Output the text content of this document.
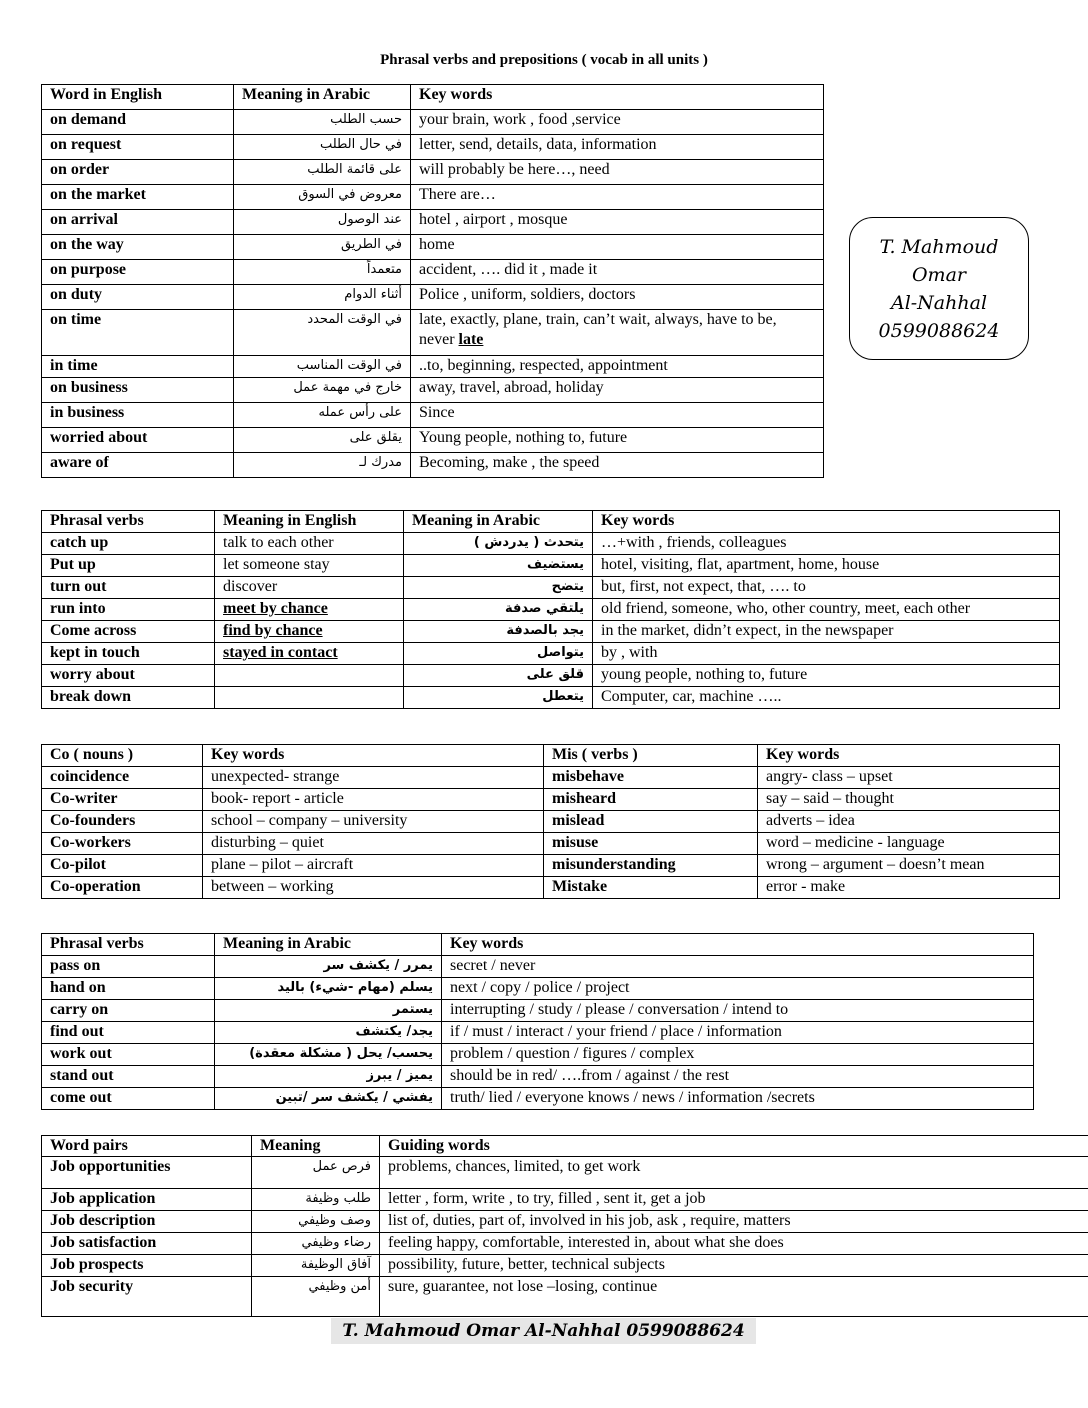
Phrasal verbs and prepositions ( vocab in all units )
Word in English	Meaning in Arabic	Key words
on demand	حسب الطلب	your brain, work , food ,service
on request	في حال الطلب	letter, send, details, data, information
on order	على قائمة الطلب	will probably be here…, need
on the market	معروض في السوق	There are…
on arrival	عند الوصول	hotel , airport , mosque
on the way	في الطريق	home
on purpose	متعمداً	accident, …. did it , made it
on duty	أثناء الدوام	Police , uniform, soldiers, doctors
on time	في الوقت المحدد	late, exactly, plane, train, can’t wait, always, have to be, never late
in time	في الوقت المناسب	..to, beginning, respected, appointment
on business	خارج في مهمة عمل	away, travel, abroad, holiday
in business	على رأس عمله	Since
worried about	يقلق على	Young people, nothing to, future
aware of	مدرك لـ	Becoming, make , the speed
T. Mahmoud
Omar
Al-Nahhal
0599088624
Phrasal verbs	Meaning in English	Meaning in Arabic	Key words
catch up	talk to each other	يتحدث ( يدردش )	…+with , friends, colleagues
Put up	let someone stay	يستضيف	hotel, visiting, flat, apartment, home, house
turn out	discover	يتضح	but, first, not expect, that, …. to
run into	meet by chance	يلتقي صدفة	old friend, someone, who, other country, meet, each other
Come across	find by chance	يجد بالصدفة	in the market, didn’t expect, in the newspaper
kept in touch	stayed in contact	يتواصل	by , with
worry about		قلق على	young people, nothing to, future
break down		يتعطل	Computer, car, machine …..
Co ( nouns )	Key words	Mis ( verbs )	Key words
coincidence	unexpected- strange	misbehave	angry- class – upset
Co-writer	book- report - article	misheard	say – said – thought
Co-founders	school – company – university	mislead	adverts – idea
Co-workers	disturbing – quiet	misuse	word – medicine - language
Co-pilot	plane – pilot – aircraft	misunderstanding	wrong – argument – doesn’t mean
Co-operation	between – working	Mistake	error - make
Phrasal verbs	Meaning in Arabic	Key words
pass on	يمرر / يكشف سر	secret / never
hand on	يسلم (مهام -شيء) باليد	next / copy / police / project
carry on	يستمر	interrupting / study / please / conversation / intend to
find out	يجد/ يكتشف	if / must / interact / your friend / place / information
work out	يحسب/ يحل ( مشكلة معقدة)	problem / question / figures / complex
stand out	يميز / يبرز	should be in red/ ….from / against / the rest
come out	يفشي / يكشف سر /تبين	truth/ lied / everyone knows / news / information /secrets
Word pairs	Meaning	Guiding words
Job opportunities	فرص عمل	problems, chances, limited, to get work
Job application	طلب وظيفة	letter , form, write , to try, filled , sent it, get a job
Job description	وصف وظيفي	list of, duties, part of, involved in his job, ask , require, matters
Job satisfaction	رضاء وظيفي	feeling happy, comfortable, interested in, about what she does
Job prospects	آفاق الوظيفة	possibility, future, better, technical subjects
Job security	أمن وظيفي	sure, guarantee, not lose –losing, continue
T. Mahmoud Omar Al-Nahhal 0599088624
